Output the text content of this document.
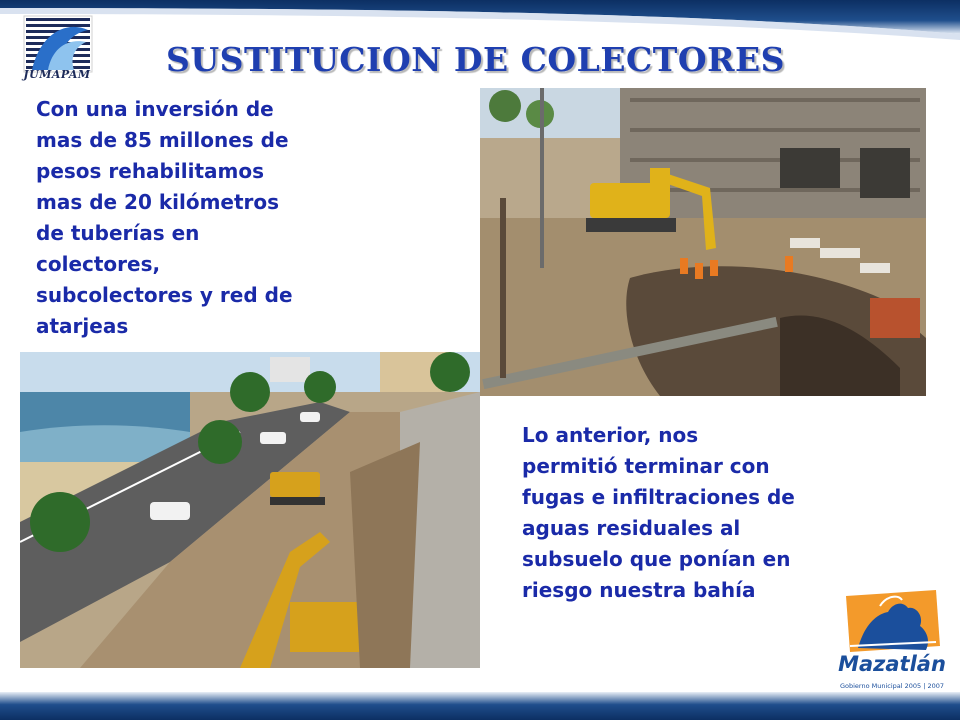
JUMAPAM SUSTITUCION DE COLECTORES
Con una inversión de
mas de 85 millones de
pesos rehabilitamos
mas de 20 kilómetros
de tuberías en
colectores,
subcolectores y red de
atarjeas
Lo anterior, nos
permitió terminar con
fugas e infiltraciones de
aguas residuales al
subsuelo que ponían en
riesgo nuestra bahía
Mazatlán
Gobierno Municipal 2005 | 2007
